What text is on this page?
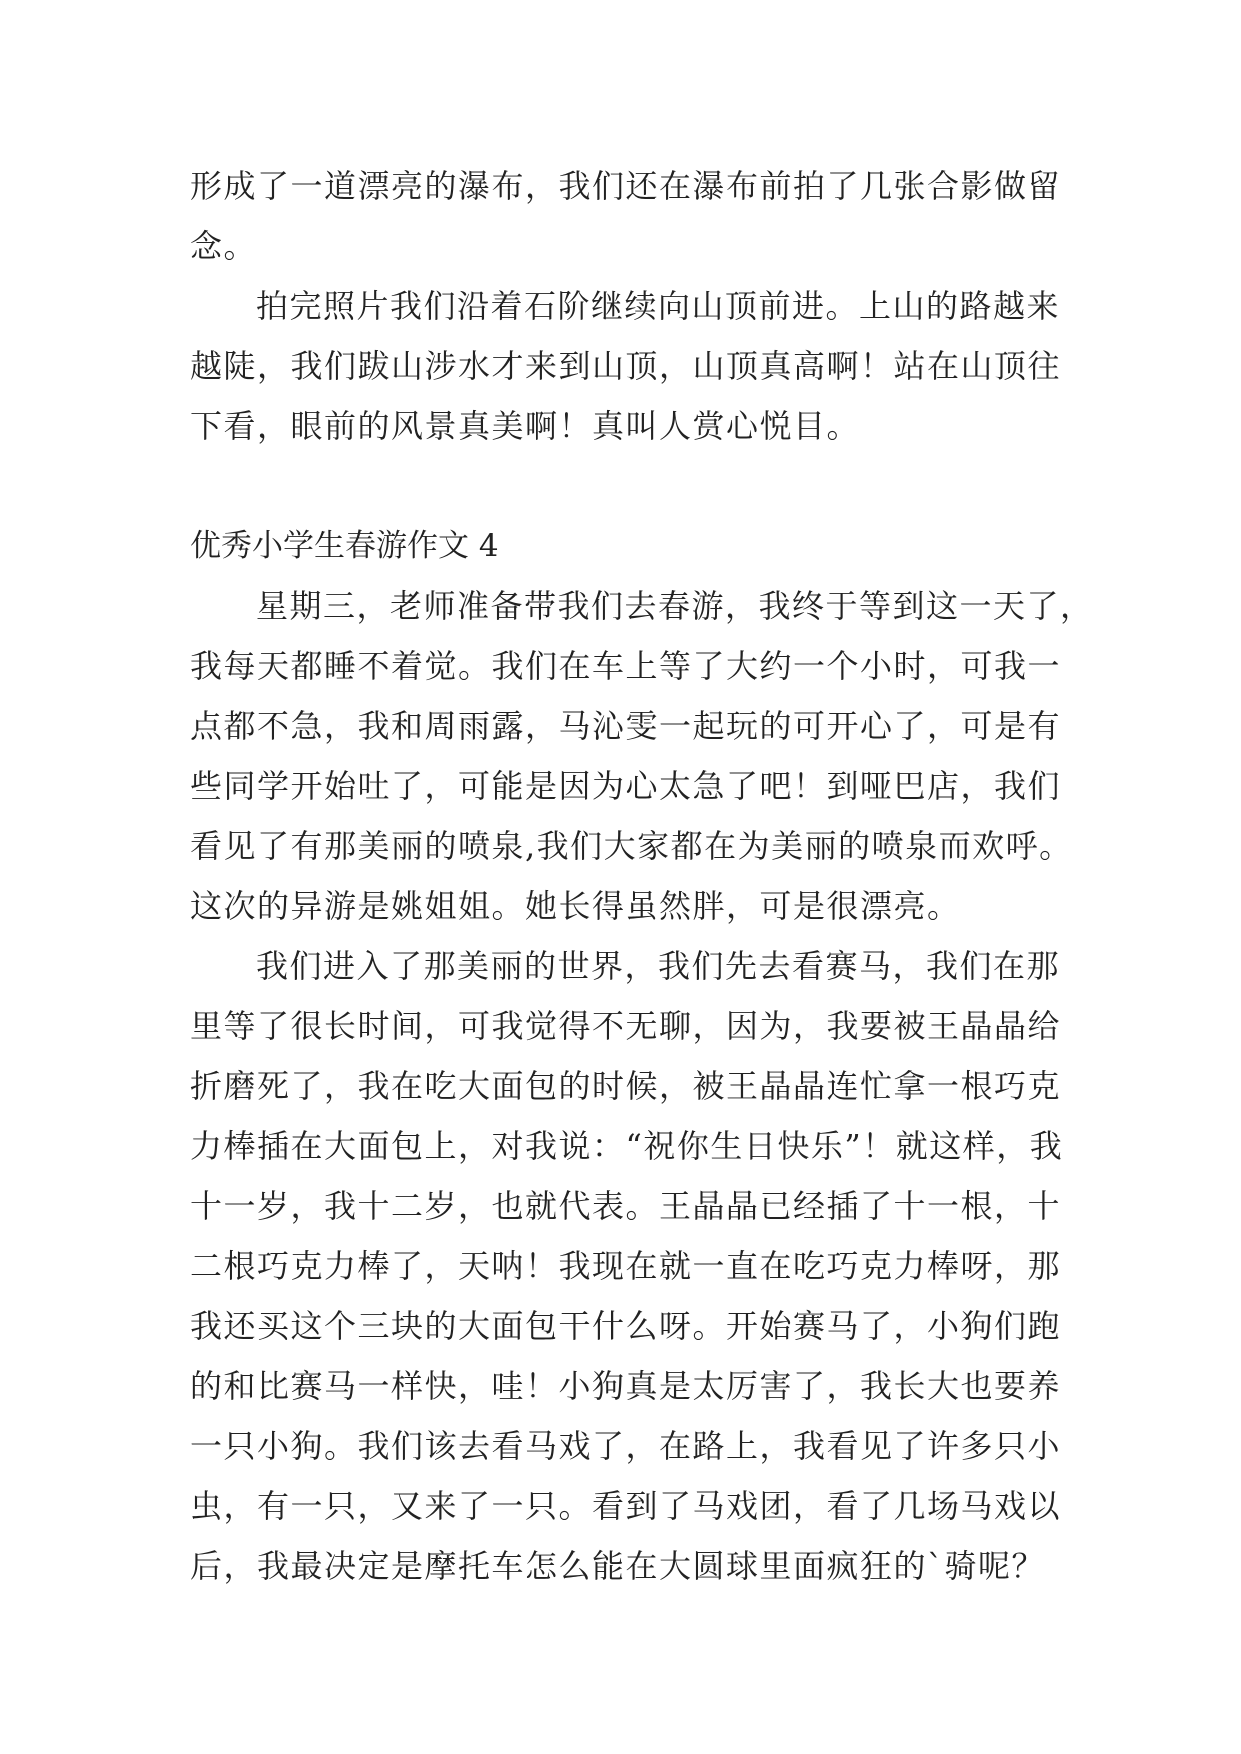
形成了一道漂亮的瀑布，我们还在瀑布前拍了几张合影做留
念。
拍完照片我们沿着石阶继续向山顶前进。上山的路越来
越陡，我们跋山涉水才来到山顶，山顶真高啊！站在山顶往
下看，眼前的风景真美啊！真叫人赏心悦目。
优秀小学生春游作文 4
星期三，老师准备带我们去春游，我终于等到这一天了，
我每天都睡不着觉。我们在车上等了大约一个小时，可我一
点都不急，我和周雨露，马沁雯一起玩的可开心了，可是有
些同学开始吐了，可能是因为心太急了吧！到哑巴店，我们
看见了有那美丽的喷泉,我们大家都在为美丽的喷泉而欢呼。
这次的异游是姚姐姐。她长得虽然胖，可是很漂亮。
我们进入了那美丽的世界，我们先去看赛马，我们在那
里等了很长时间，可我觉得不无聊，因为，我要被王晶晶给
折磨死了，我在吃大面包的时候，被王晶晶连忙拿一根巧克
力棒插在大面包上，对我说：“祝你生日快乐”！就这样，我
十一岁，我十二岁，也就代表。王晶晶已经插了十一根，十
二根巧克力棒了，天呐！我现在就一直在吃巧克力棒呀，那
我还买这个三块的大面包干什么呀。开始赛马了，小狗们跑
的和比赛马一样快，哇！小狗真是太厉害了，我长大也要养
一只小狗。我们该去看马戏了，在路上，我看见了许多只小
虫，有一只，又来了一只。看到了马戏团，看了几场马戏以
后，我最决定是摩托车怎么能在大圆球里面疯狂的`骑呢？
